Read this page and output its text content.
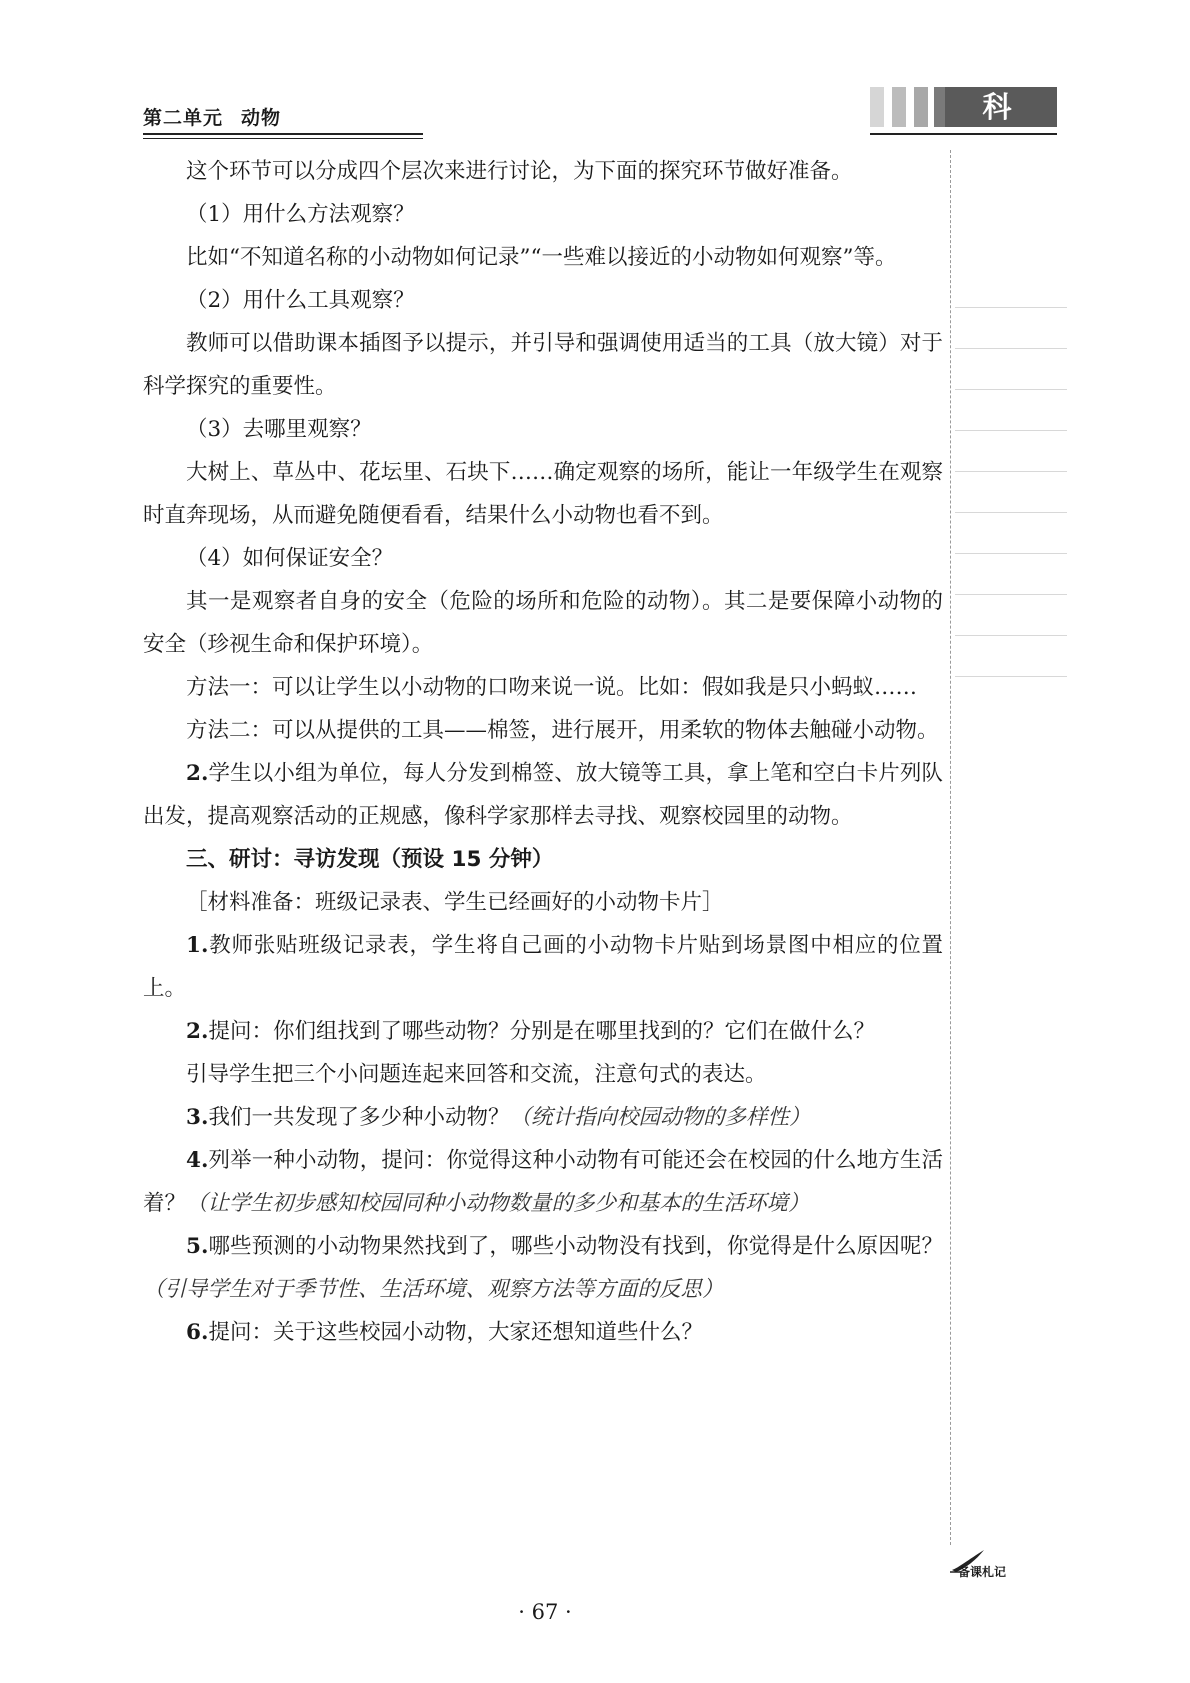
第二单元 动物	科学

这个环节可以分成四个层次来进行讨论，为下面的探究环节做好准备。

（1）用什么方法观察？

比如“不知道名称的小动物如何记录”“一些难以接近的小动物如何观察”等。

（2）用什么工具观察？

教师可以借助课本插图予以提示，并引导和强调使用适当的工具（放大镜）对于科学探究的重要性。

（3）去哪里观察？

大树上、草丛中、花坛里、石块下……确定观察的场所，能让一年级学生在观察时直奔现场，从而避免随便看看，结果什么小动物也看不到。

（4）如何保证安全？

其一是观察者自身的安全（危险的场所和危险的动物）。其二是要保障小动物的安全（珍视生命和保护环境）。

方法一：可以让学生以小动物的口吻来说一说。比如：假如我是只小蚂蚁……

方法二：可以从提供的工具——棉签，进行展开，用柔软的物体去触碰小动物。

2.学生以小组为单位，每人分发到棉签、放大镜等工具，拿上笔和空白卡片列队出发，提高观察活动的正规感，像科学家那样去寻找、观察校园里的动物。

三、研讨：寻访发现（预设 15 分钟）

［材料准备：班级记录表、学生已经画好的小动物卡片］

1.教师张贴班级记录表，学生将自己画的小动物卡片贴到场景图中相应的位置上。

2.提问：你们组找到了哪些动物？分别是在哪里找到的？它们在做什么？

引导学生把三个小问题连起来回答和交流，注意句式的表达。

3.我们一共发现了多少种小动物？（统计指向校园动物的多样性）

4.列举一种小动物，提问：你觉得这种小动物有可能还会在校园的什么地方生活着？（让学生初步感知校园同种小动物数量的多少和基本的生活环境）

5.哪些预测的小动物果然找到了，哪些小动物没有找到，你觉得是什么原因呢？（引导学生对于季节性、生活环境、观察方法等方面的反思）

6.提问：关于这些校园小动物，大家还想知道些什么？

备课札记
· 67 ·
